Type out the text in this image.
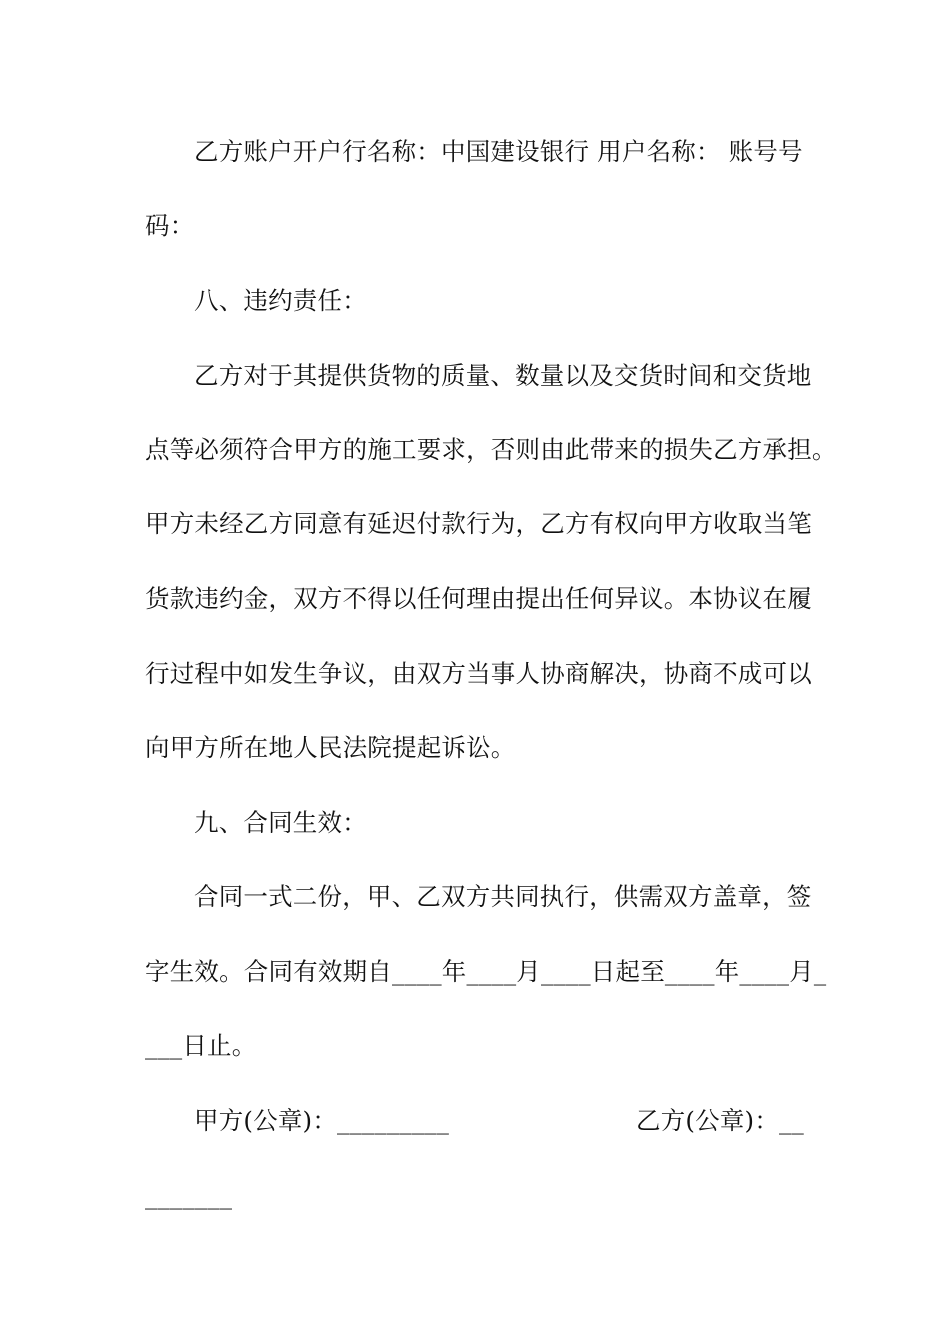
乙方账户开户行名称：中国建设银行 用户名称： 账号号
码：
八、违约责任：
乙方对于其提供货物的质量、数量以及交货时间和交货地
点等必须符合甲方的施工要求，否则由此带来的损失乙方承担。
甲方未经乙方同意有延迟付款行为，乙方有权向甲方收取当笔
货款违约金，双方不得以任何理由提出任何异议。本协议在履
行过程中如发生争议，由双方当事人协商解决，协商不成可以
向甲方所在地人民法院提起诉讼。
九、合同生效：
合同一式二份，甲、乙双方共同执行，供需双方盖章，签
字生效。合同有效期自____年____月____日起至____年____月_
___日止。
甲方(公章)：_________	乙方(公章)：__
_______
